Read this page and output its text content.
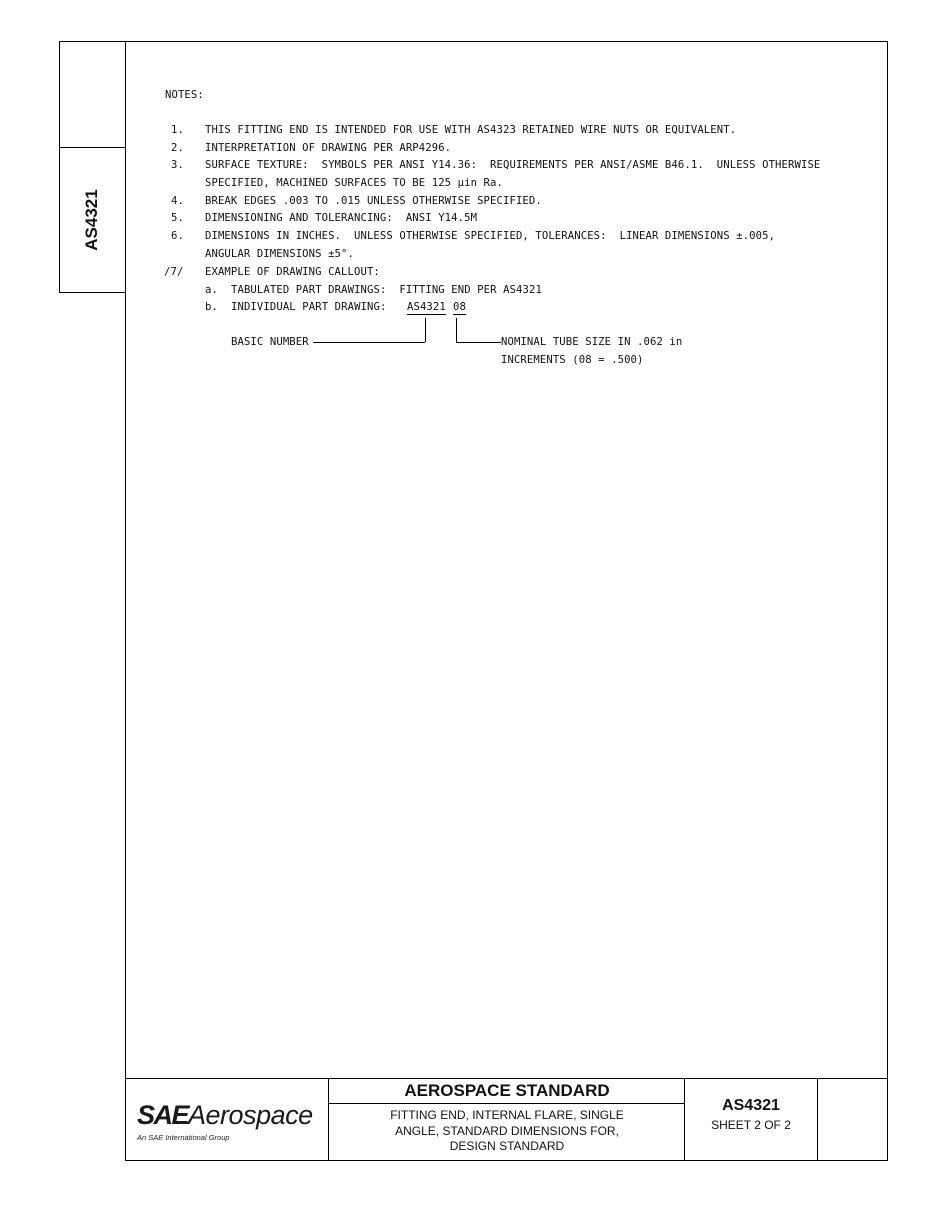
AS4321
NOTES:
1. THIS FITTING END IS INTENDED FOR USE WITH AS4323 RETAINED WIRE NUTS OR EQUIVALENT.
2. INTERPRETATION OF DRAWING PER ARP4296.
3. SURFACE TEXTURE:  SYMBOLS PER ANSI Y14.36:  REQUIREMENTS PER ANSI/ASME B46.1.  UNLESS OTHERWISE
SPECIFIED, MACHINED SURFACES TO BE 125 μin Ra.
4. BREAK EDGES .003 TO .015 UNLESS OTHERWISE SPECIFIED.
5. DIMENSIONING AND TOLERANCING:  ANSI Y14.5M
6. DIMENSIONS IN INCHES.  UNLESS OTHERWISE SPECIFIED, TOLERANCES:  LINEAR DIMENSIONS ±.005,
ANGULAR DIMENSIONS ±5°.
/7/ EXAMPLE OF DRAWING CALLOUT:
a. TABULATED PART DRAWINGS:  FITTING END PER AS4321
b. INDIVIDUAL PART DRAWING: AS4321 08
BASIC NUMBER	NOMINAL TUBE SIZE IN .062 in
INCREMENTS (08 = .500)
SAEAerospace
An SAE International Group
AEROSPACE STANDARD
FITTING END, INTERNAL FLARE, SINGLE
ANGLE, STANDARD DIMENSIONS FOR,
DESIGN STANDARD
AS4321
SHEET 2 OF 2
